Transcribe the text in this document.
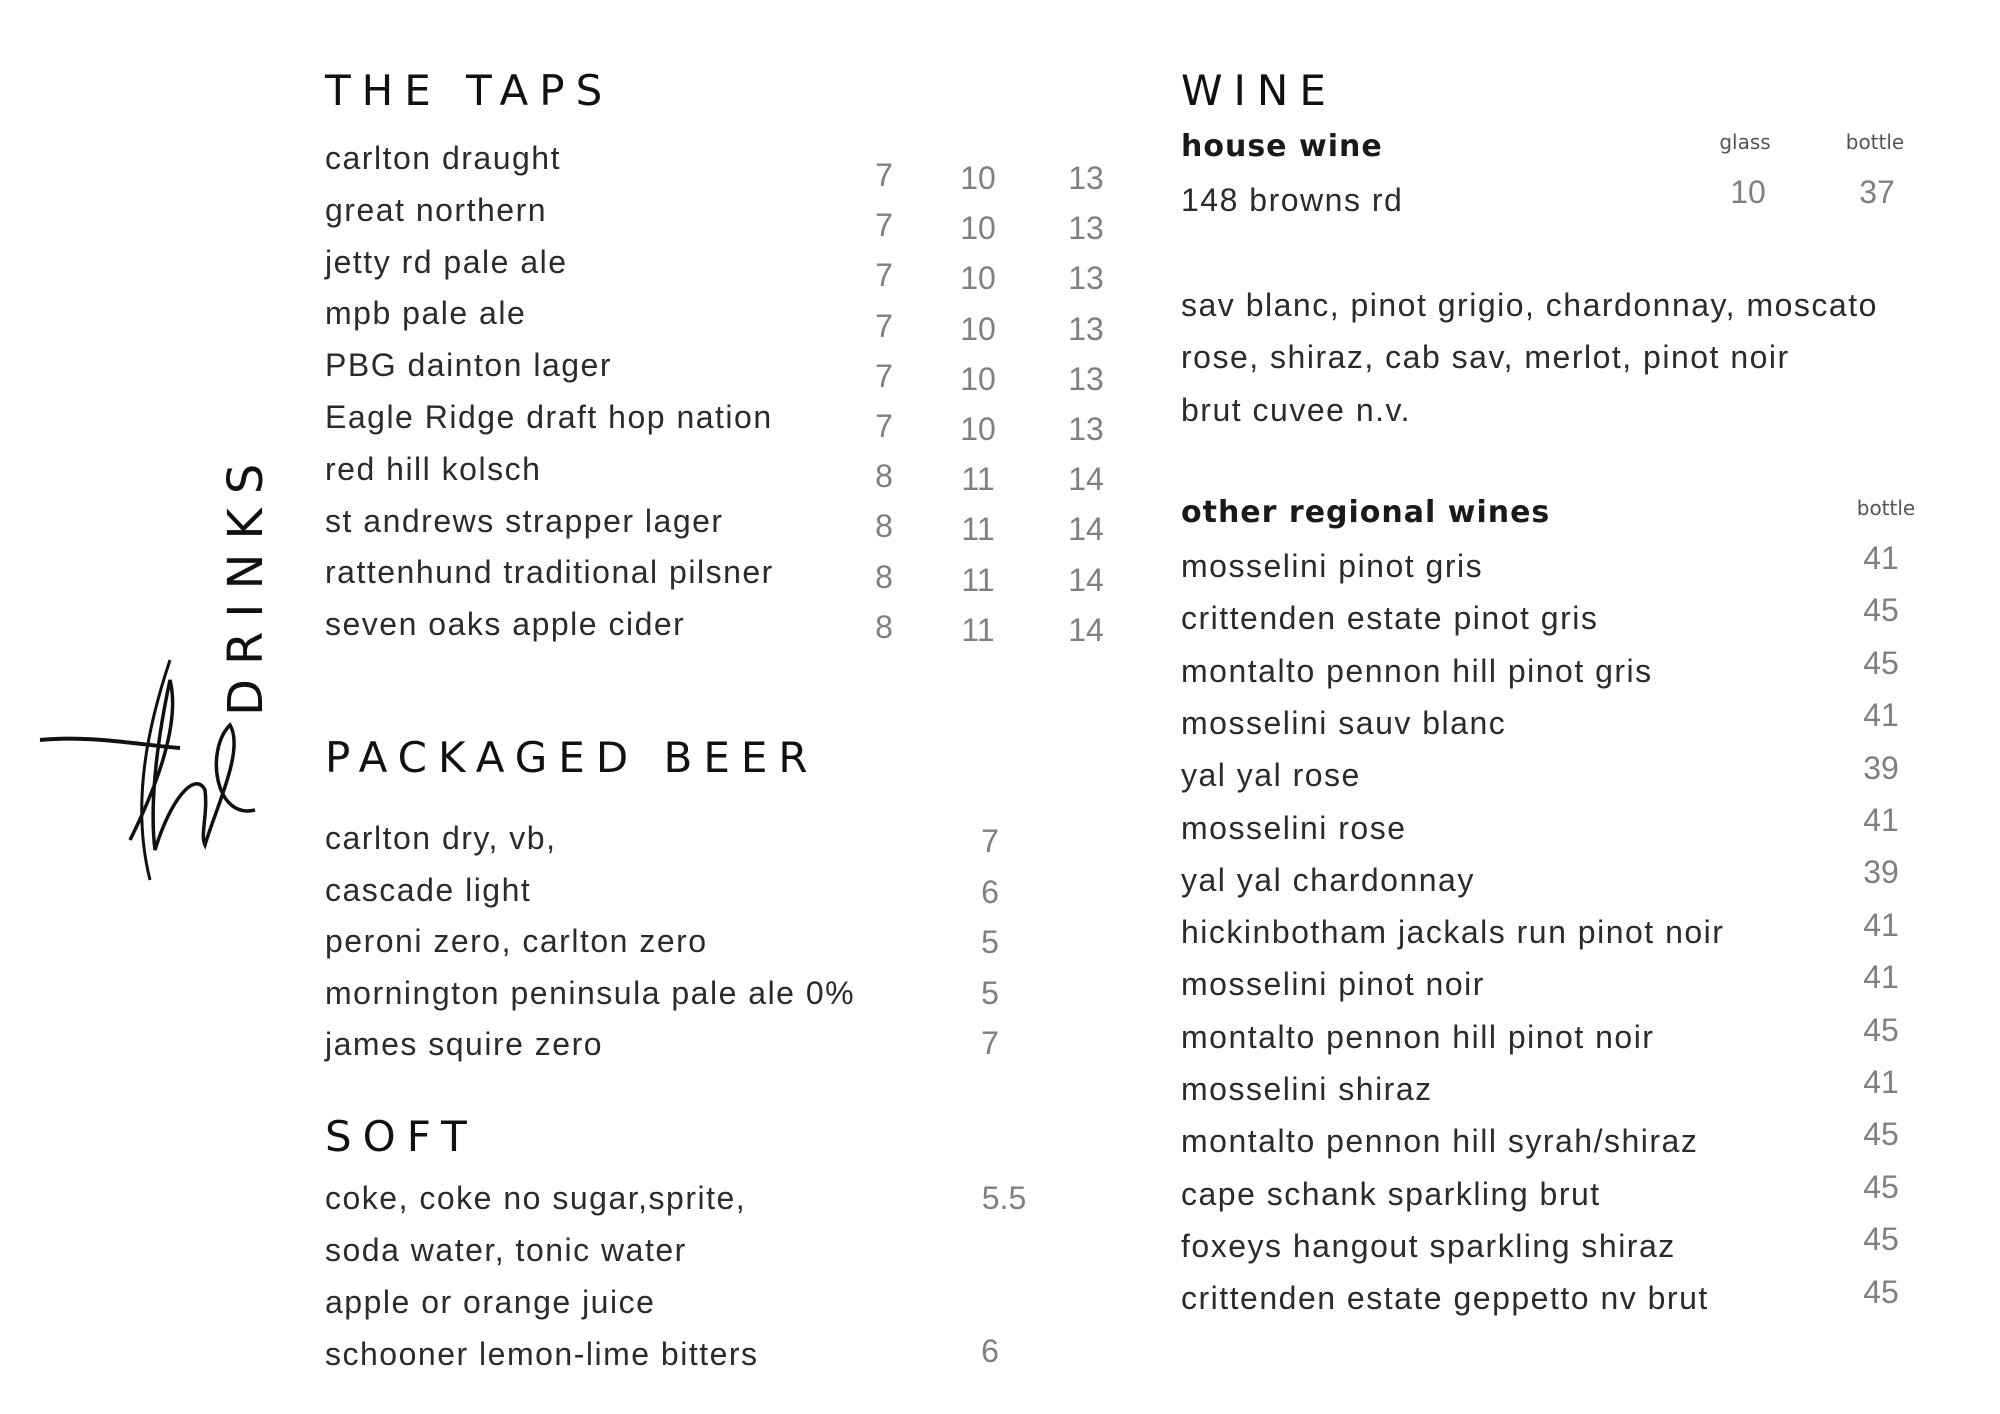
DRINKS
THE TAPS
carlton draught	7	10	13
great northern	7	10	13
jetty rd pale ale	7	10	13
mpb pale ale	7	10	13
PBG dainton lager	7	10	13
Eagle Ridge draft hop nation	7	10	13
red hill kolsch	8	11	14
st andrews strapper lager	8	11	14
rattenhund traditional pilsner	8	11	14
seven oaks apple cider	8	11	14
PACKAGED BEER
carlton dry, vb,	7
cascade light	6
peroni zero, carlton zero	5
mornington peninsula pale ale 0%	5
james squire zero	7
SOFT
coke, coke no sugar,sprite,	5.5
soda water, tonic water
apple or orange juice
schooner lemon-lime bitters	6
WINE
house wine	glass	bottle
148 browns rd	10	37
sav blanc, pinot grigio, chardonnay, moscato
rose, shiraz, cab sav, merlot, pinot noir
brut cuvee n.v.
other regional wines	bottle
mosselini pinot gris	41
crittenden estate pinot gris	45
montalto pennon hill pinot gris	45
mosselini sauv blanc	41
yal yal rose	39
mosselini rose	41
yal yal chardonnay	39
hickinbotham jackals run pinot noir	41
mosselini pinot noir	41
montalto pennon hill pinot noir	45
mosselini shiraz	41
montalto pennon hill syrah/shiraz	45
cape schank sparkling brut	45
foxeys hangout sparkling shiraz	45
crittenden estate geppetto nv brut	45
